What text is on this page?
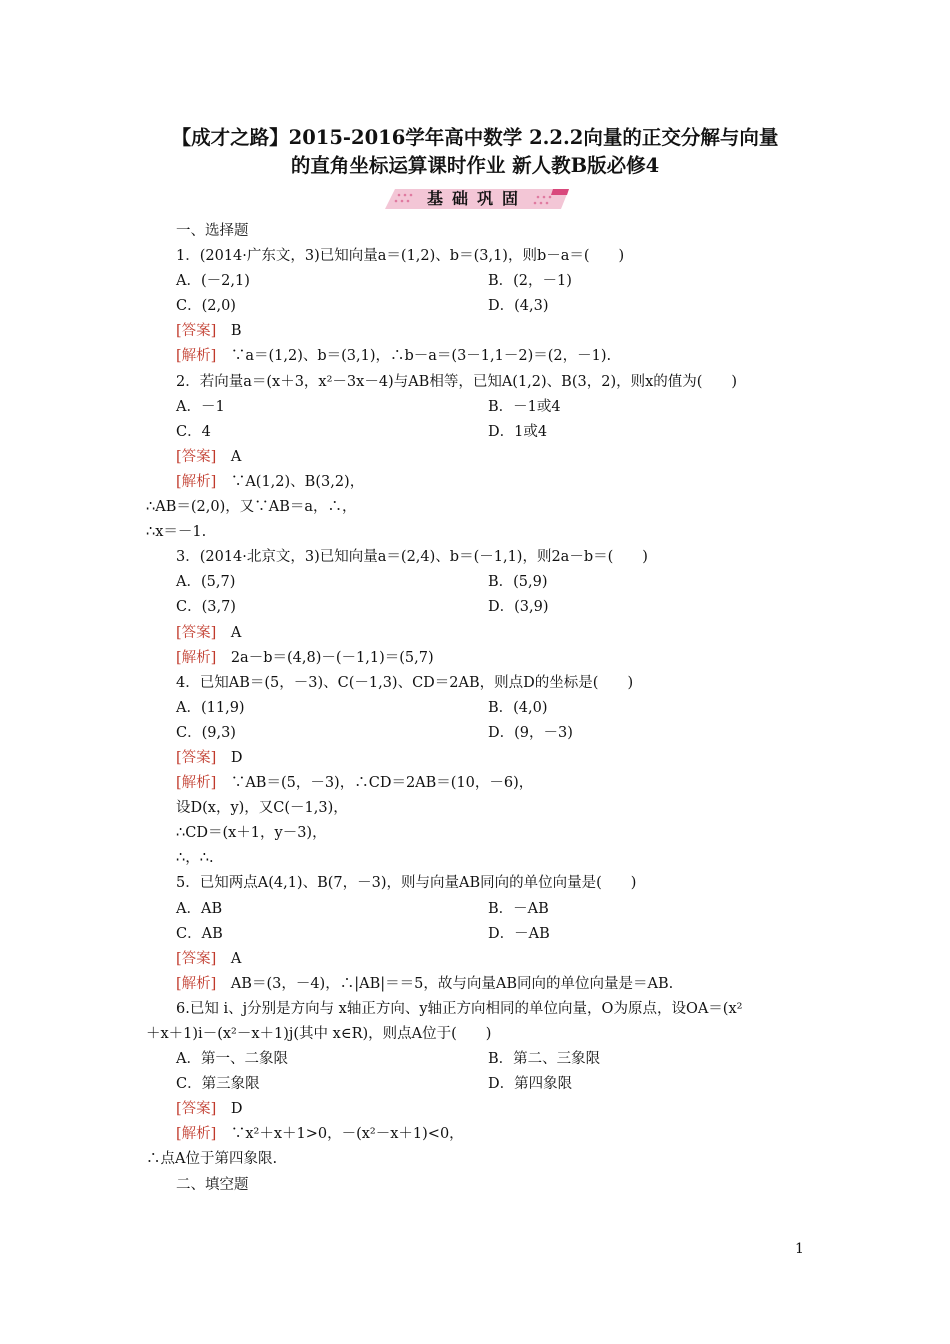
【成才之路】2015-2016学年高中数学 2.2.2向量的正交分解与向量
的直角坐标运算课时作业 新人教B版必修4
基础巩固
一、选择题
1．(2014·广东文，3)已知向量a＝(1,2)、b＝(3,1)，则b－a＝(　　)
A．(－2,1)	B．(2，－1)
C．(2,0)	D．(4,3)
[答案]　 B
[解析]　 ∵a＝(1,2)、b＝(3,1)，∴b－a＝(3－1,1－2)＝(2，－1).
2．若向量a＝(x＋3，x²－3x－4)与AB相等，已知A(1,2)、B(3，2)，则x的值为(　　)
A．－1	B．－1或4
C．4	D．1或4
[答案]　 A
[解析]　 ∵A(1,2)、B(3,2)，
∴AB＝(2,0)，又∵AB＝a，∴，
∴x＝－1.
3．(2014·北京文，3)已知向量a＝(2,4)、b＝(－1,1)，则2a－b＝(　　)
A．(5,7)	B．(5,9)
C．(3,7)	D．(3,9)
[答案]　 A
[解析]　 2a－b＝(4,8)－(－1,1)＝(5,7)
4．已知AB＝(5，－3)、C(－1,3)、CD＝2AB，则点D的坐标是(　　)
A．(11,9)	B．(4,0)
C．(9,3)	D．(9，－3)
[答案]　 D
[解析]　 ∵AB＝(5，－3)，∴CD＝2AB＝(10，－6)，
设D(x，y)，又C(－1,3)，
∴CD＝(x＋1，y－3)，
∴，∴.
5．已知两点A(4,1)、B(7，－3)，则与向量AB同向的单位向量是(　　)
A．AB	B．－AB
C．AB	D．－AB
[答案]　 A
[解析]　 AB＝(3，－4)，∴|AB|＝＝5，故与向量AB同向的单位向量是＝AB.
6.已知 i、j分别是方向与 x轴正方向、y轴正方向相同的单位向量，O为原点，设OA＝(x²
＋x＋1)i－(x²－x＋1)j(其中 x∈R)，则点A位于(　　)
A．第一、二象限	B．第二、三象限
C．第三象限	D．第四象限
[答案]　 D
[解析]　 ∵x²＋x＋1>0，－(x²－x＋1)<0，
∴点A位于第四象限.
二、填空题
1
